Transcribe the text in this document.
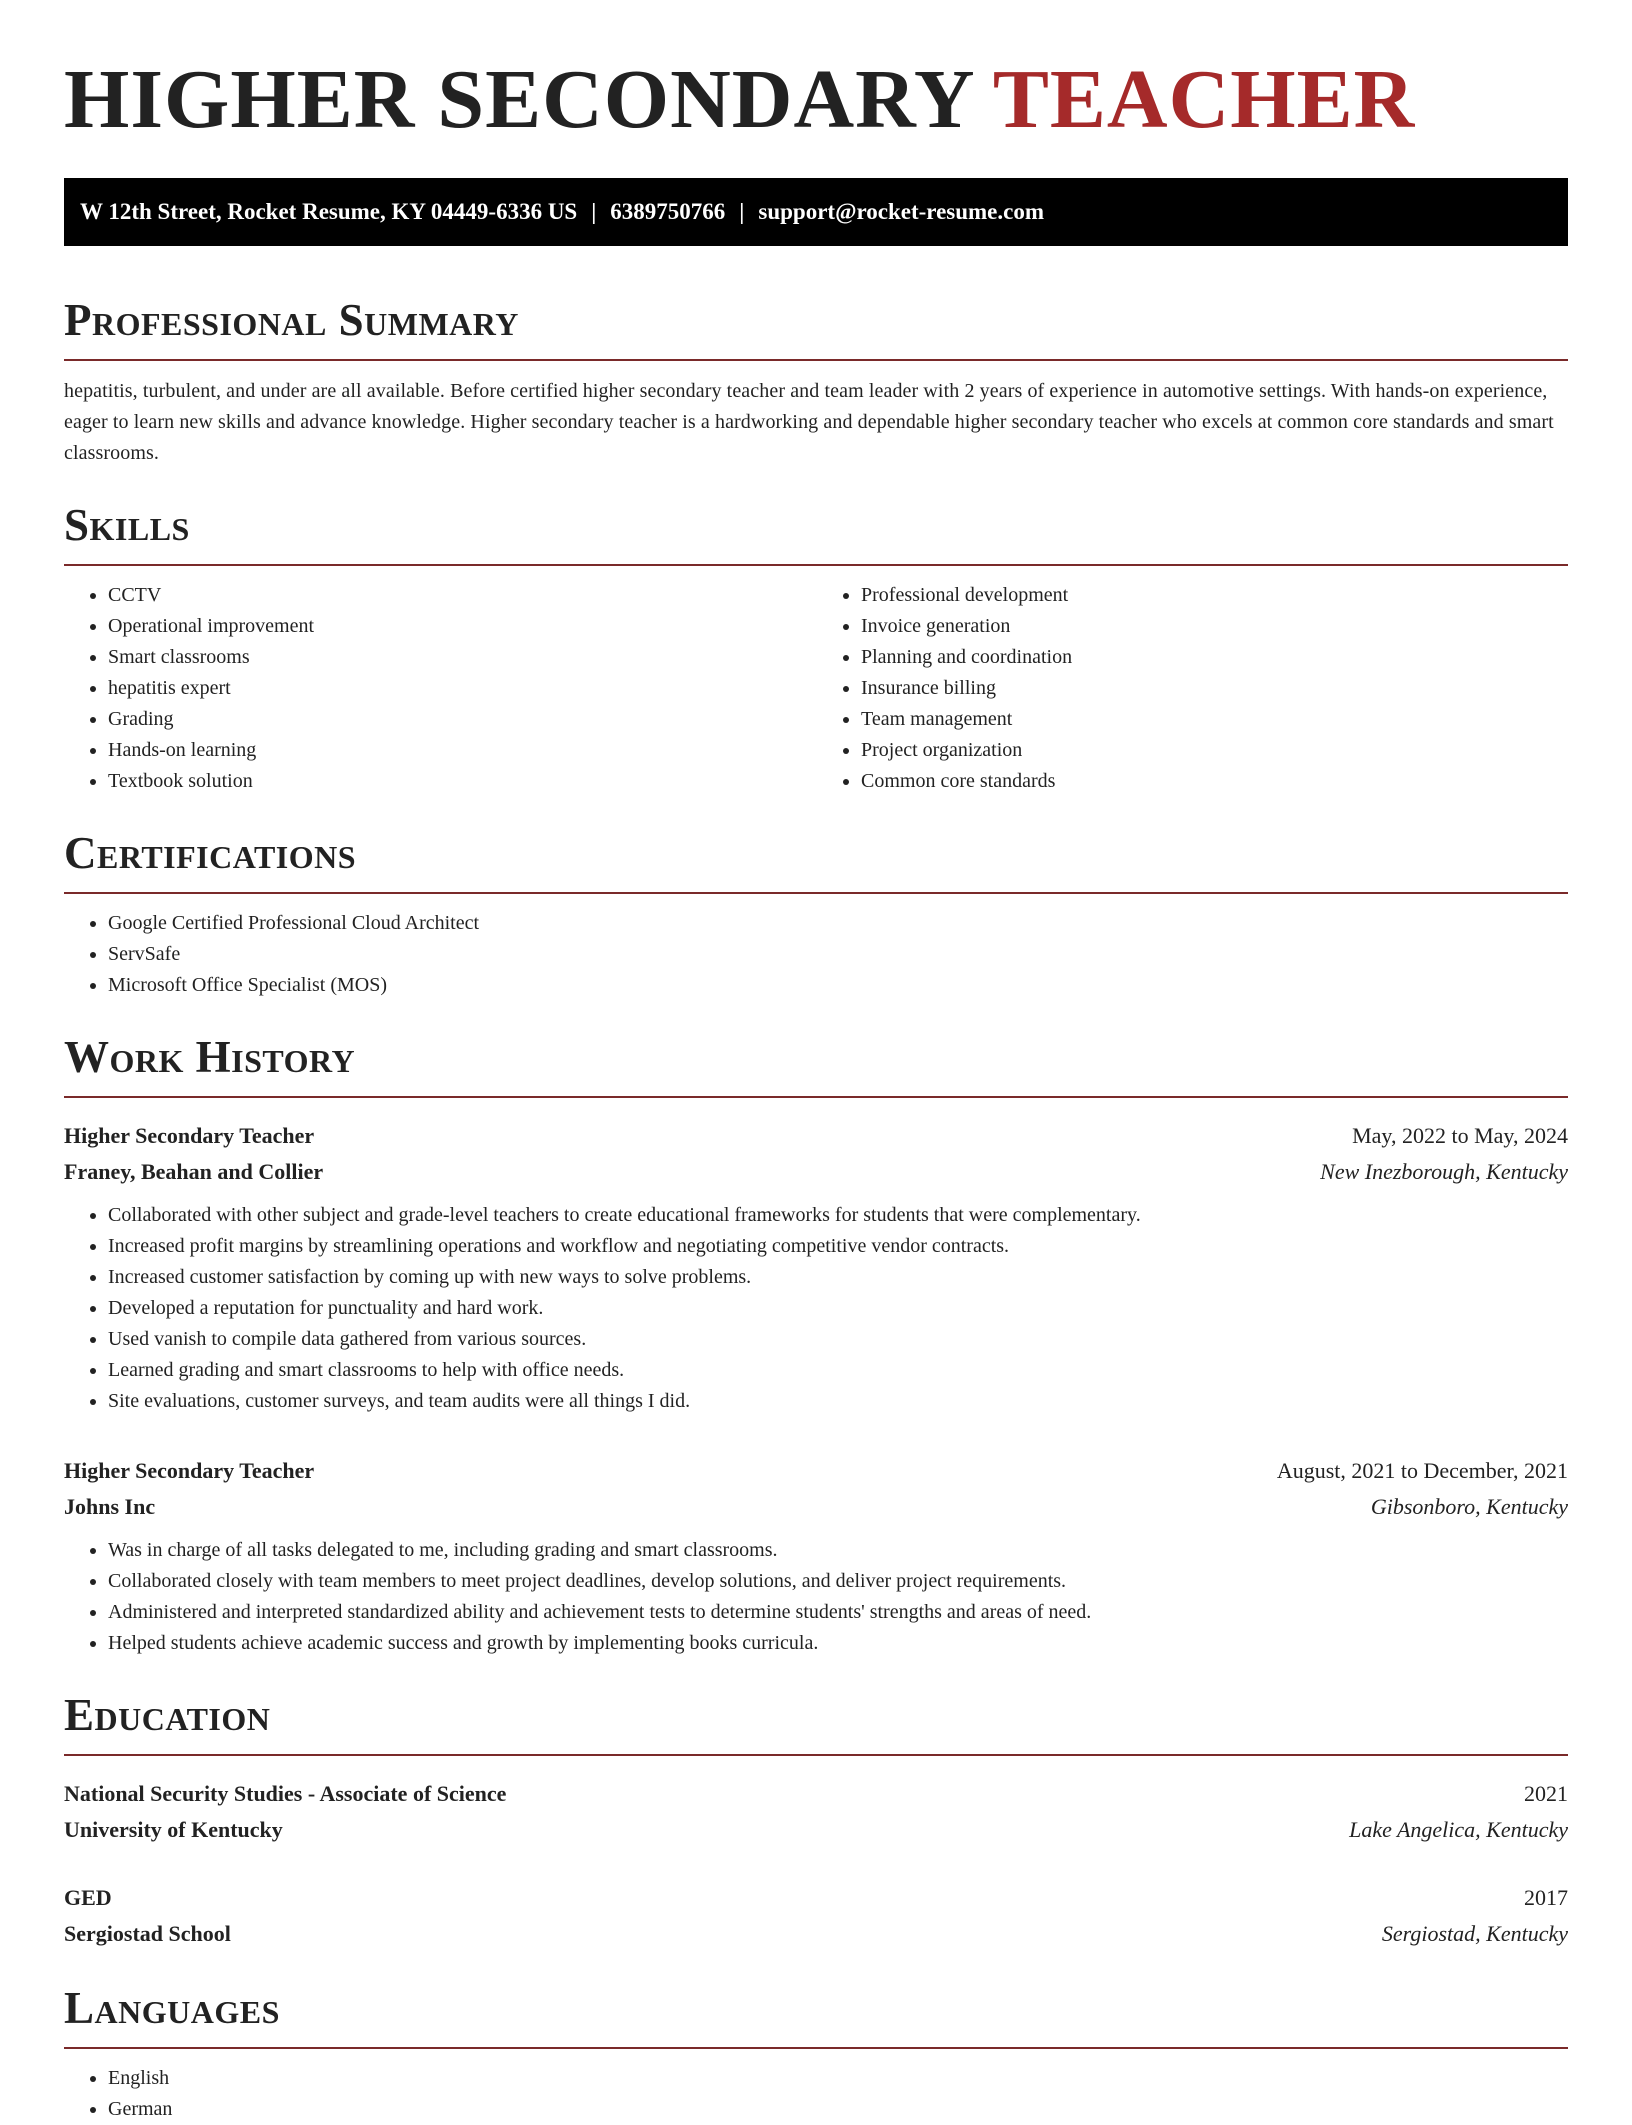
HIGHER SECONDARY TEACHER
W 12th Street, Rocket Resume, KY 04449-6336 US | 6389750766 | support@rocket-resume.com
Professional Summary

hepatitis, turbulent, and under are all available. Before certified higher secondary teacher and team leader with 2 years of experience in automotive settings. With hands-on experience, eager to learn new skills and advance knowledge. Higher secondary teacher is a hardworking and dependable higher secondary teacher who excels at common core standards and smart classrooms.

Skills
• CCTV
• Operational improvement
• Smart classrooms
• hepatitis expert
• Grading
• Hands-on learning
• Textbook solution
• Professional development
• Invoice generation
• Planning and coordination
• Insurance billing
• Team management
• Project organization
• Common core standards
Certifications
• Google Certified Professional Cloud Architect
• ServSafe
• Microsoft Office Specialist (MOS)
Work History
Higher Secondary Teacher	May, 2022 to May, 2024
Franey, Beahan and Collier	New Inezborough, Kentucky
• Collaborated with other subject and grade-level teachers to create educational frameworks for students that were complementary.
• Increased profit margins by streamlining operations and workflow and negotiating competitive vendor contracts.
• Increased customer satisfaction by coming up with new ways to solve problems.
• Developed a reputation for punctuality and hard work.
• Used vanish to compile data gathered from various sources.
• Learned grading and smart classrooms to help with office needs.
• Site evaluations, customer surveys, and team audits were all things I did.
Higher Secondary Teacher	August, 2021 to December, 2021
Johns Inc	Gibsonboro, Kentucky
• Was in charge of all tasks delegated to me, including grading and smart classrooms.
• Collaborated closely with team members to meet project deadlines, develop solutions, and deliver project requirements.
• Administered and interpreted standardized ability and achievement tests to determine students' strengths and areas of need.
• Helped students achieve academic success and growth by implementing books curricula.
Education
National Security Studies - Associate of Science	2021
University of Kentucky	Lake Angelica, Kentucky
GED	2017
Sergiostad School	Sergiostad, Kentucky
Languages
• English
• German
